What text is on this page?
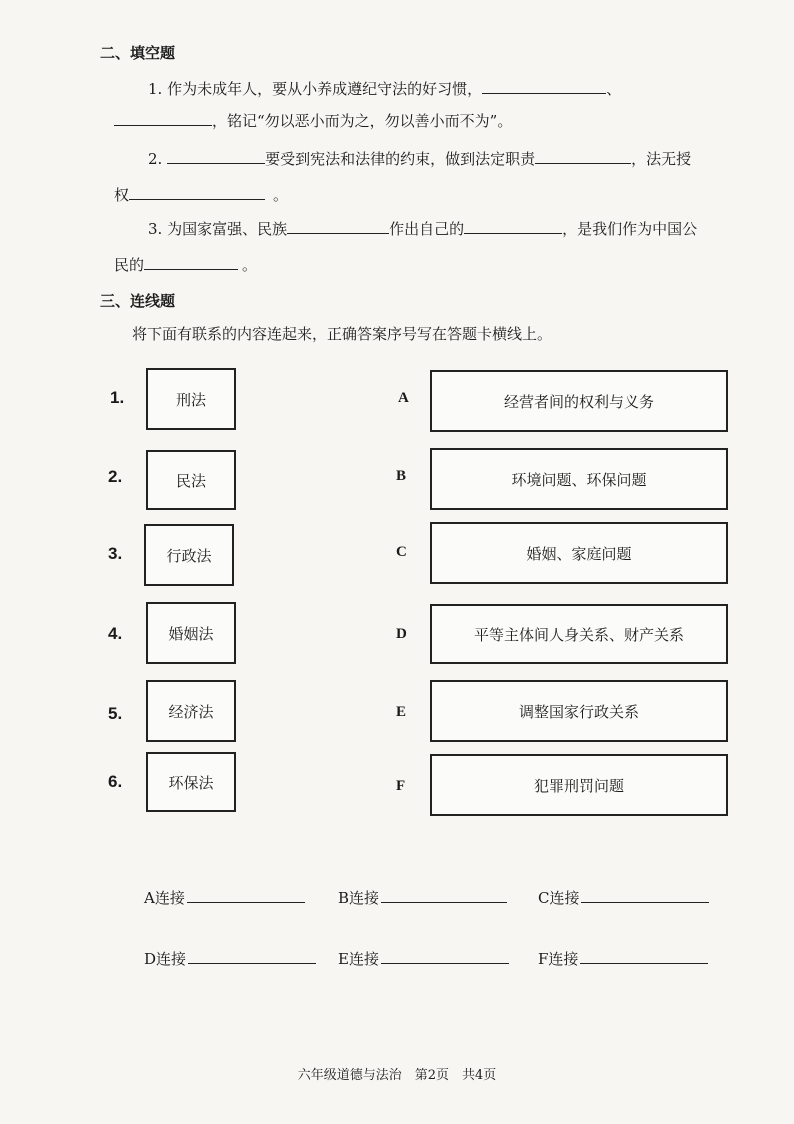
二、填空题
1. 作为未成年人，要从小养成遵纪守法的好习惯，	、
，铭记“勿以恶小而为之，勿以善小而不为”。
2.	要受到宪法和法律的约束，做到法定职责	，法无授
权	。
3. 为国家富强、民族	作出自己的	，是我们作为中国公
民的	。
三、连线题
将下面有联系的内容连起来，正确答案序号写在答题卡横线上。
1.
2.
3.
4.
5.
6.
刑法
民法
行政法
婚姻法
经济法
环保法
A
B
C
D
E
F
经营者间的权利与义务
环境问题、环保问题
婚姻、家庭问题
平等主体间人身关系、财产关系
调整国家行政关系
犯罪刑罚问题
A连接	B连接	C连接
D连接	E连接	F连接
六年级道德与法治　第2页　共4页
